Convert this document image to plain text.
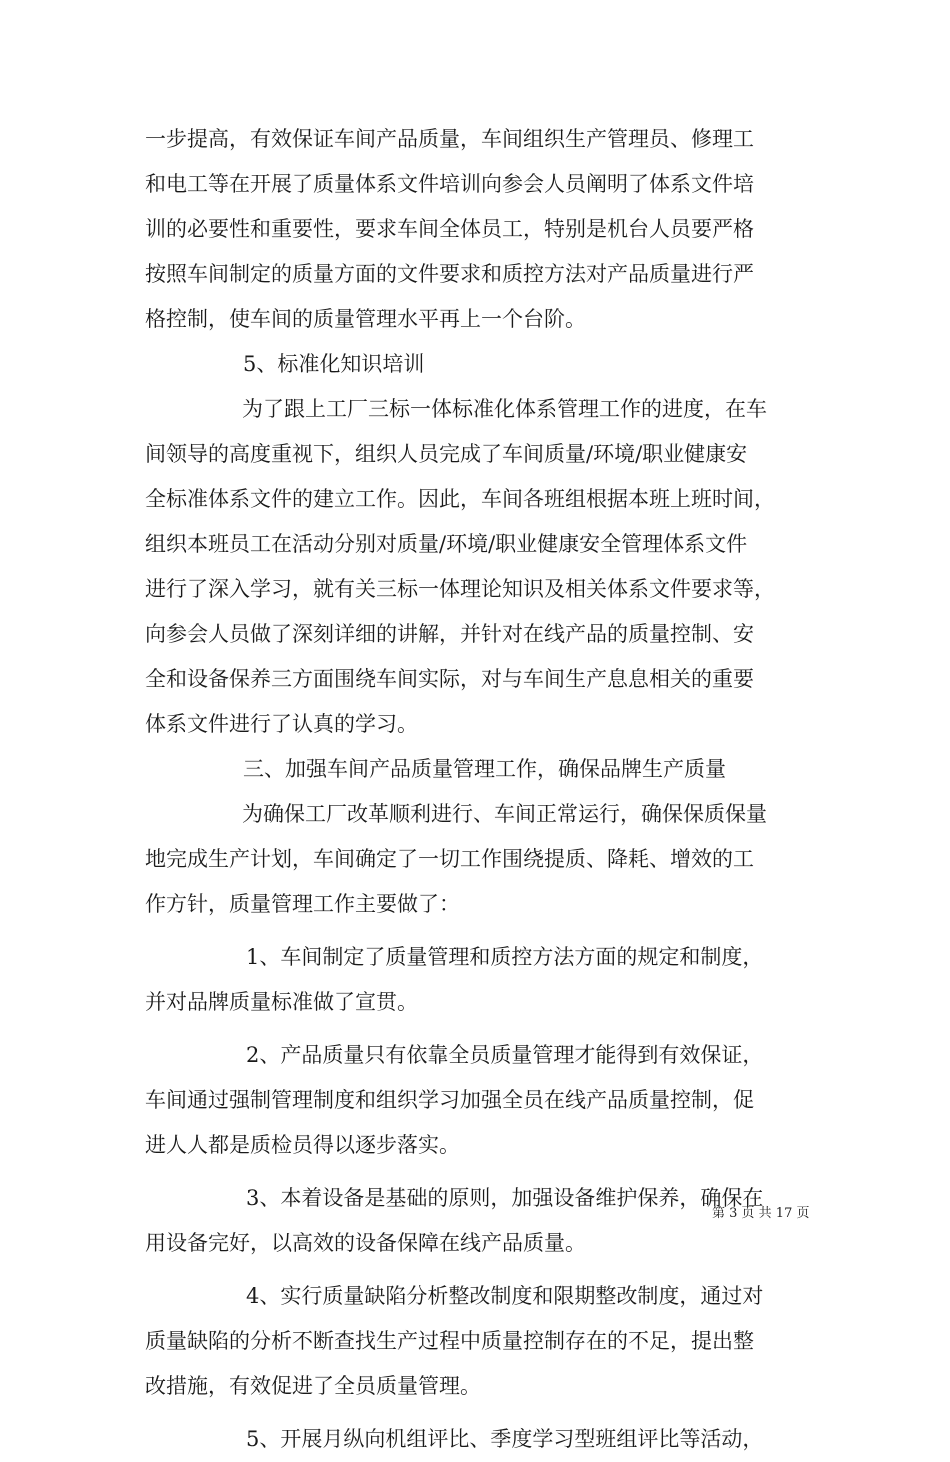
一步提高，有效保证车间产品质量，车间组织生产管理员、修理工
和电工等在开展了质量体系文件培训向参会人员阐明了体系文件培
训的必要性和重要性，要求车间全体员工，特别是机台人员要严格
按照车间制定的质量方面的文件要求和质控方法对产品质量进行严
格控制，使车间的质量管理水平再上一个台阶。
5、标准化知识培训
为了跟上工厂三标一体标准化体系管理工作的进度，在车
间领导的高度重视下，组织人员完成了车间质量/环境/职业健康安
全标准体系文件的建立工作。因此，车间各班组根据本班上班时间，
组织本班员工在活动分别对质量/环境/职业健康安全管理体系文件
进行了深入学习，就有关三标一体理论知识及相关体系文件要求等，
向参会人员做了深刻详细的讲解，并针对在线产品的质量控制、安
全和设备保养三方面围绕车间实际，对与车间生产息息相关的重要
体系文件进行了认真的学习。
三、加强车间产品质量管理工作，确保品牌生产质量
为确保工厂改革顺利进行、车间正常运行，确保保质保量
地完成生产计划，车间确定了一切工作围绕提质、降耗、增效的工
作方针，质量管理工作主要做了：
1、车间制定了质量管理和质控方法方面的规定和制度，
并对品牌质量标准做了宣贯。
2、产品质量只有依靠全员质量管理才能得到有效保证，
车间通过强制管理制度和组织学习加强全员在线产品质量控制，促
进人人都是质检员得以逐步落实。
3、本着设备是基础的原则，加强设备维护保养，确保在
用设备完好，以高效的设备保障在线产品质量。
4、实行质量缺陷分析整改制度和限期整改制度，通过对
质量缺陷的分析不断查找生产过程中质量控制存在的不足，提出整
改措施，有效促进了全员质量管理。
5、开展月纵向机组评比、季度学习型班组评比等活动，
第 3 页 共 17 页
